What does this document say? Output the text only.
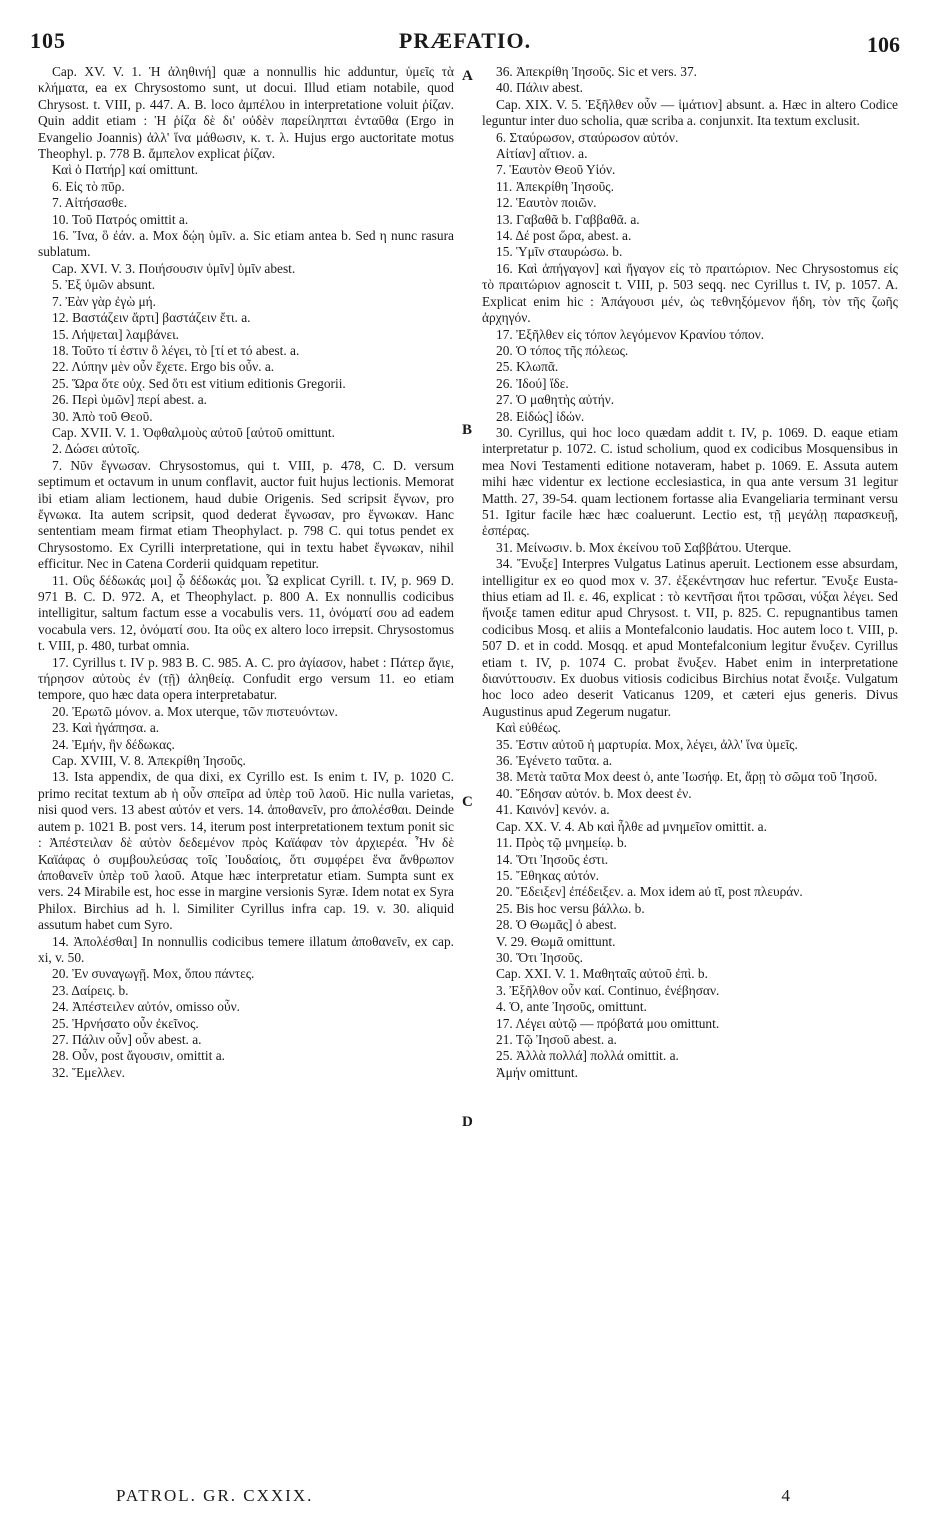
105	PRÆFATIO.	106

Cap. XV. V. 1. Ἡ ἀληθινή] quæ a nonnullis hic adduntur, ὑμεῖς τὰ κλήματα, ea ex Chrysostomo sunt, ut docui. Illud etiam notabile, quod Chrysost. t. VIII, p. 447. A. B. loco ἀμπέλου in interpretatione voluit ῥίζαν. Quin addit etiam : Ἡ ῥίζα δὲ δι' οὐδὲν παρείληπται ἐνταῦθα (Ergo in Evangelio Joannis) ἀλλ' ἵνα μάθωσιν, κ. τ. λ. Hujus ergo auctoritate motus Theophyl. p. 778 B. ἄμπελον explicat ῥίζαν.

Καὶ ὁ Πατήρ] καί omittunt.

6. Εἰς τὸ πῦρ.

7. Αἰτήσασθε.

10. Τοῦ Πατρός omittit a.

16. Ἵνα, ὃ ἐάν. a. Mox δῴη ὑμῖν. a. Sic etiam antea b. Sed η nunc rasura sublatum.

Cap. XVI. V. 3. Ποιήσουσιν ὑμῖν] ὑμῖν abest.

5. Ἐξ ὑμῶν absunt.

7. Ἐὰν γὰρ ἐγὼ μή.

12. Βαστάζειν ἄρτι] βαστάζειν ἔτι. a.

15. Λήψεται] λαμβάνει.

18. Τοῦτο τί ἐστιν ὃ λέγει, τὸ [τί et τό abest. a.

22. Λύπην μὲν οὖν ἔχετε. Ergo bis οὖν. a.

25. Ὥρα ὅτε οὐχ. Sed ὅτι est vitium editionis Gregorii.

26. Περὶ ὑμῶν] περί abest. a.

30. Ἀπὸ τοῦ Θεοῦ.

Cap. XVII. V. 1. Ὀφθαλμοὺς αὐτοῦ [αὐτοῦ omittunt.

2. Δώσει αὐτοῖς.

7. Νῦν ἔγνωσαν. Chrysostomus, qui t. VIII, p. 478, C. D. versum septimum et octavum in unum conflavit, auctor fuit hujus lectionis. Memorat ibi etiam aliam lectionem, haud dubie Origenis. Sed scripsit ἔγνων, pro ἔγνωκα. Ita autem scripsit, quod dederat ἔγνωσαν, pro ἔγνωκαν. Hanc sententiam meam firmat etiam Theophylact. p. 798 C. qui totus pendet ex Chrysostomo. Ex Cyrilli interpretatione, qui in textu habet ἔγνωκαν, nihil efficitur. Nec in Catena Corderii quidquam repetitur.

11. Οὓς δέδωκάς μοι] ᾧ δέδωκάς μοι. Ὧ explicat Cyrill. t. IV, p. 969 D. 971 B. C. D. 972. A, et Theophylact. p. 800 A. Ex nonnullis codicibus intelligitur, saltum factum esse a vocabulis vers. 11, ὀνόματί σου ad eadem vocabula vers. 12, ὀνόματί σου. Ita οὓς ex altero loco irrepsit. Chrysostomus t. VIII, p. 480, turbat omnia.

17. Cyrillus t. IV p. 983 B. C. 985. A. C. pro ἁγίασον, habet : Πάτερ ἅγιε, τήρησον αὐτοὺς ἐν (τῇ) ἀληθείᾳ. Confudit ergo versum 11. eo etiam tempore, quo hæc data opera interpretabatur.

20. Ἐρωτῶ μόνον. a. Mox uterque, τῶν πιστευόντων.

23. Καὶ ἠγάπησα. a.

24. Ἐμήν, ἣν δέδωκας.

Cap. XVIII, V. 8. Ἀπεκρίθη Ἰησοῦς.

13. Ista appendix, de qua dixi, ex Cyrillo est. Is enim t. IV, p. 1020 C. primo recitat textum ab ἡ οὖν σπεῖρα ad ὑπὲρ τοῦ λαοῦ. Hic nulla varietas, nisi quod vers. 13 abest αὐτόν et vers. 14. ἀποθανεῖν, pro ἀπολέσθαι. Deinde autem p. 1021 B. post vers. 14, iterum post interpretationem textum ponit sic : Ἀπέστειλαν δὲ αὐτὸν δεδεμένον πρὸς Καϊάφαν τὸν ἀρχιερέα. Ἦν δὲ Καϊάφας ὁ συμβουλεύσας τοῖς Ἰουδαίοις, ὅτι συμφέρει ἕνα ἄνθρωπον ἀποθανεῖν ὑπὲρ τοῦ λαοῦ. Atque hæc interpretatur etiam. Sumpta sunt ex vers. 24 Mirabile est, hoc esse in margine versionis Syræ. Idem notat ex Syra Philox. Birchius ad h. l. Similiter Cyrillus infra cap. 19. v. 30. aliquid assutum habet cum Syro.

14. Ἀπολέσθαι] In nonnullis codicibus temere illatum ἀποθανεῖν, ex cap. xi, v. 50.

20. Ἐν συναγωγῇ. Mox, ὅπου πάντες.

23. Δαίρεις. b.

24. Ἀπέστειλεν αὐτόν, omisso οὖν.

25. Ἠρνήσατο οὖν ἐκεῖνος.

27. Πάλιν οὖν] οὖν abest. a.

28. Οὖν, post ἄγουσιν, omittit a.

32. Ἔμελλεν.

36. Ἀπεκρίθη Ἰησοῦς. Sic et vers. 37.

40. Πάλιν abest.

Cap. XIX. V. 5. Ἐξῆλθεν οὖν — ἱμάτιον] absunt. a. Hæc in altero Codice leguntur inter duo scholia, quæ scriba a. conjunxit. Ita textum exclusit.

6. Σταύρωσον, σταύρωσον αὐτόν.

Αἰτίαν] αἴτιον. a.

7. Ἑαυτὸν Θεοῦ Υἱόν.

11. Ἀπεκρίθη Ἰησοῦς.

12. Ἑαυτὸν ποιῶν.

13. Γαβαθᾶ b. Γαββαθᾶ. a.

14. Δέ post ὥρα, abest. a.

15. Ὑμῖν σταυρώσω. b.

16. Καὶ ἀπήγαγον] καὶ ἤγαγον εἰς τὸ πραιτώριον. Nec Chrysostomus εἰς τὸ πραιτώριον agnoscit t. VIII, p. 503 seqq. nec Cyrillus t. IV, p. 1057. A. Explicat enim hic : Ἀπάγουσι μέν, ὡς τεθνηξόμενον ἤδη, τὸν τῆς ζωῆς ἀρχηγόν.

17. Ἐξῆλθεν εἰς τόπον λεγόμενον Κρανίου τόπον.

20. Ὁ τόπος τῆς πόλεως.

25. Κλωπᾶ.

26. Ἰδού] ἴδε.

27. Ὁ μαθητὴς αὐτήν.

28. Εἰδώς] ἰδών.

30. Cyrillus, qui hoc loco quædam addit t. IV, p. 1069. D. eaque etiam interpretatur p. 1072. C. istud scholium, quod ex codicibus Mosquensibus in mea Novi Testamenti editione notaveram, habet p. 1069. E. Assuta autem mihi hæc videntur ex lectione ecclesiastica, in qua ante versum 31 legitur Matth. 27, 39-54. quam lectionem fortasse alia Evangeliaria terminant versu 51. Igitur facile hæc hæc coaluerunt. Lectio est, τῇ μεγάλῃ παρασκευῇ, ἑσπέρας.

31. Μείνωσιν. b. Mox ἐκείνου τοῦ Σαββάτου. Uterque.

34. Ἔνυξε] Interpres Vulgatus Latinus aperuit. Lectionem esse absurdam, intelligitur ex eo quod mox v. 37. ἐξεκέντησαν huc refertur. Ἔνυξε Eustathius etiam ad Il. ε. 46, explicat : τὸ κεντῆσαι ἤτοι τρῶσαι, νύξαι λέγει. Sed ἤνοιξε tamen editur apud Chrysost. t. VII, p. 825. C. repugnantibus tamen codicibus Mosq. et aliis a Montefalconio laudatis. Hoc autem loco t. VIII, p. 507 D. et in codd. Mosqq. et apud Montefalconium legitur ἔνυξεν. Cyrillus etiam t. IV, p. 1074 C. probat ἔνυξεν. Habet enim in interpretatione διανύττουσιν. Ex duobus vitiosis codicibus Birchius notat ἔνοιξε. Vulgatum hoc loco adeo deserit Vaticanus 1209, et cæteri ejus generis. Divus Augustinus apud Zegerum nugatur.

Καὶ εὐθέως.

35. Ἐστιν αὐτοῦ ἡ μαρτυρία. Mox, λέγει, ἀλλ' ἵνα ὑμεῖς.

36. Ἐγένετο ταῦτα. a.

38. Μετὰ ταῦτα Mox deest ὁ, ante Ἰωσήφ. Et, ἄρῃ τὸ σῶμα τοῦ Ἰησοῦ.

40. Ἔδησαν αὐτόν. b. Mox deest ἐν.

41. Καινόν] κενόν. a.

Cap. XX. V. 4. Ab καὶ ἦλθε ad μνημεῖον omittit. a.

11. Πρὸς τῷ μνημείῳ. b.

14. Ὅτι Ἰησοῦς ἐστι.

15. Ἔθηκας αὐτόν.

20. Ἔδειξεν] ἐπέδειξεν. a. Mox idem aὐ tῖ, post πλευράν.

25. Bis hoc versu βάλλω. b.

28. Ὁ Θωμᾶς] ὁ abest.

V. 29. Θωμᾶ omittunt.

30. Ὅτι Ἰησοῦς.

Cap. XXI. V. 1. Μαθηταῖς αὐτοῦ ἐπὶ. b.

3. Ἐξῆλθον οὖν καί. Continuo, ἐνέβησαν.

4. Ὁ, ante Ἰησοῦς, omittunt.

17. Λέγει αὐτῷ — πρόβατά μου omittunt.

21. Τῷ Ἰησοῦ abest. a.

25. Ἀλλὰ πολλά] πολλά omittit. a.

Ἀμήν omittunt.

A
B
C
D
PATROL. GR. CXXIX.	4
